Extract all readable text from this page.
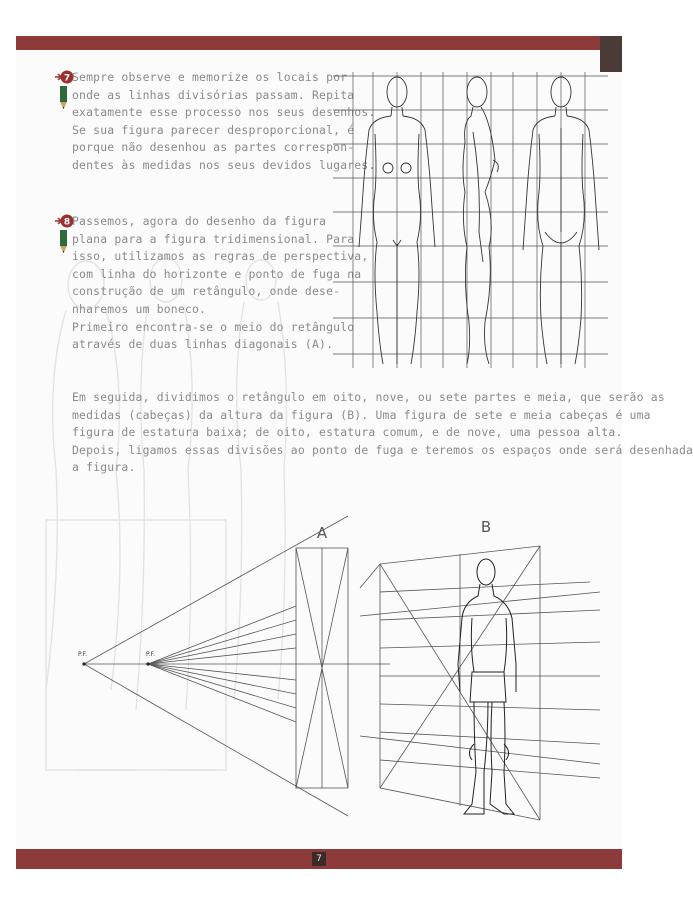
7 Sempre observe e memorize os locais por
onde as linhas divisórias passam. Repita
exatamente esse processo nos seus desenhos.
Se sua figura parecer desproporcional, é
porque não desenhou as partes correspon-
dentes às medidas nos seus devidos lugares.

8 Passemos, agora do desenho da figura
plana para a figura tridimensional. Para
isso, utilizamos as regras de perspectiva,
com linha do horizonte e ponto de fuga na
construção de um retângulo, onde dese-
nharemos um boneco.
Primeiro encontra-se o meio do retângulo
através de duas linhas diagonais (A).

Em seguida, dividimos o retângulo em oito, nove, ou sete partes e meia, que serão as
medidas (cabeças) da altura da figura (B). Uma figura de sete e meia cabeças é uma
figura de estatura baixa; de oito, estatura comum, e de nove, uma pessoa alta.
Depois, ligamos essas divisões ao ponto de fuga e teremos os espaços onde será desenhada
a figura.

A	B
P.F.	P.F.
7
